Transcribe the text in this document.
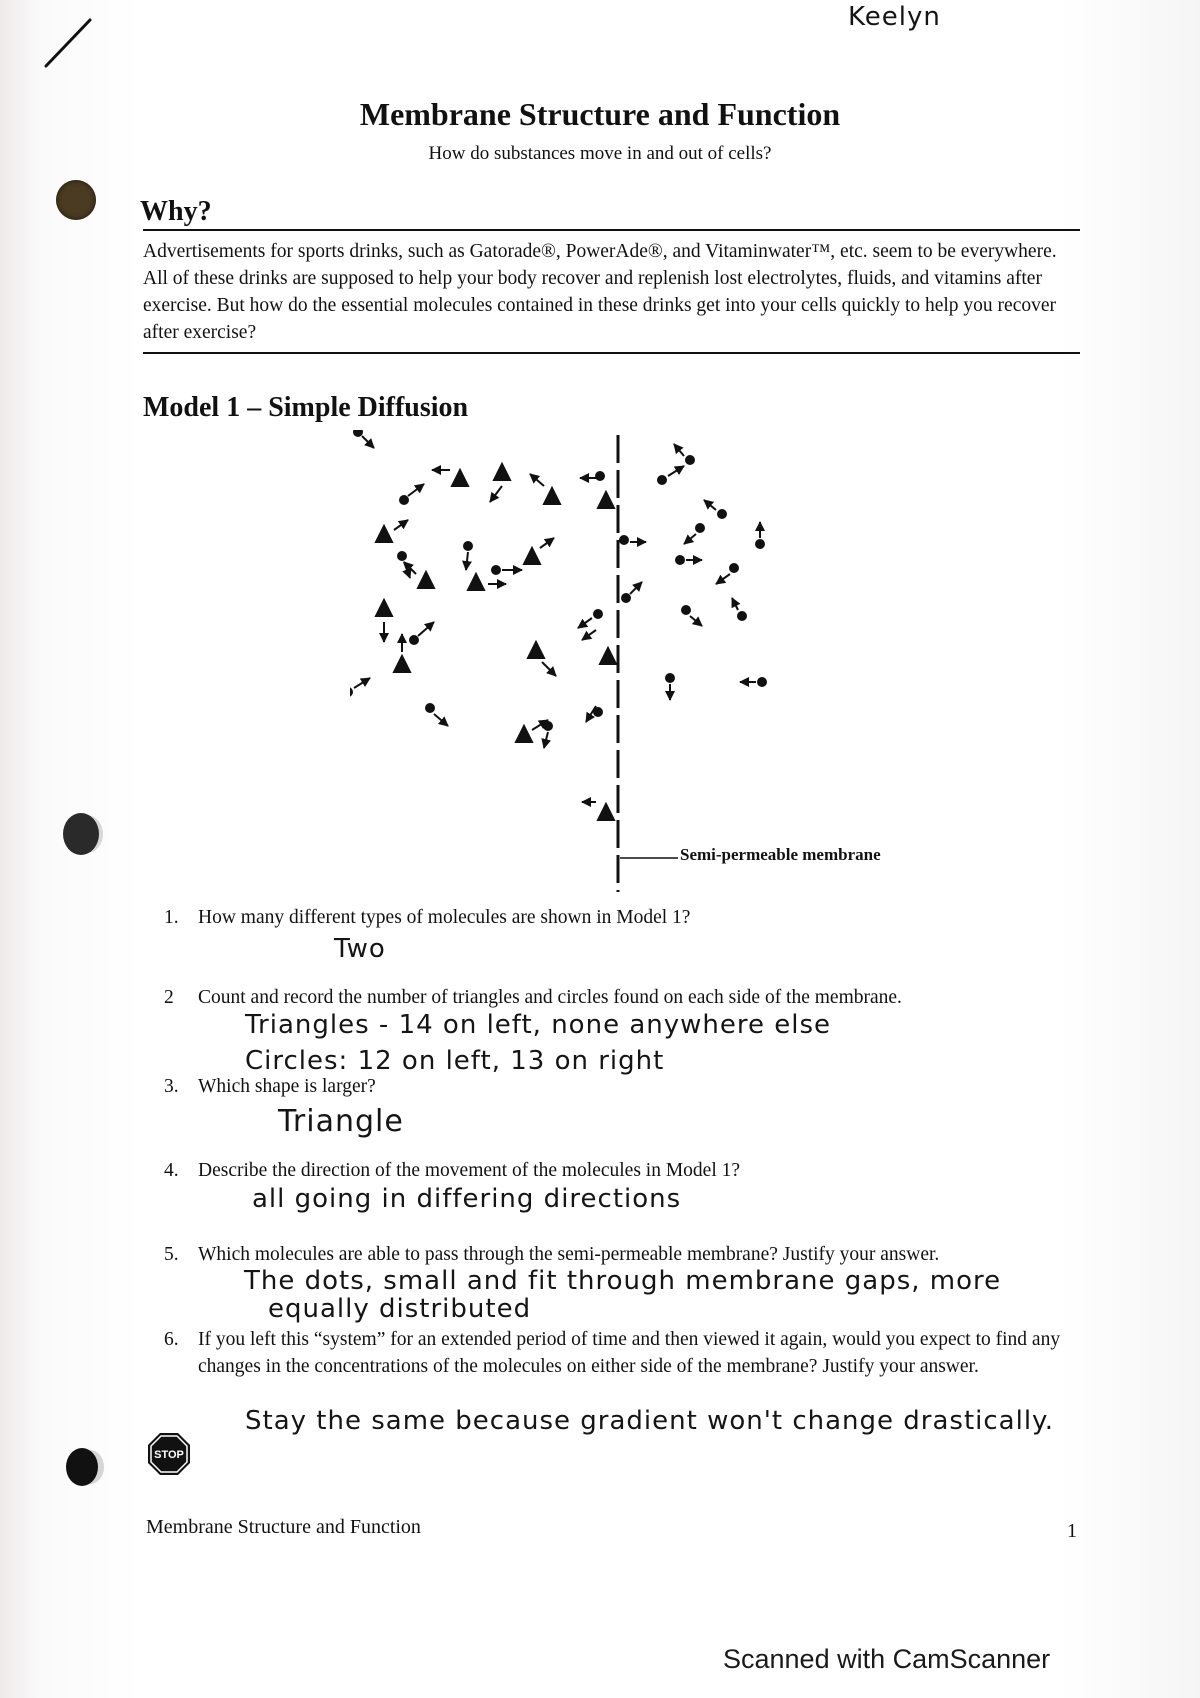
Keelyn
Membrane Structure and Function
How do substances move in and out of cells?
Why?
Advertisements for sports drinks, such as Gatorade®, PowerAde®, and Vitaminwater™, etc. seem to be everywhere. All of these drinks are supposed to help your body recover and replenish lost electrolytes, fluids, and vitamins after exercise. But how do the essential molecules contained in these drinks get into your cells quickly to help you recover after exercise?
Model 1 – Simple Diffusion
Semi-permeable membrane
1. How many different types of molecules are shown in Model 1?
Two
2 Count and record the number of triangles and circles found on each side of the membrane.
Triangles - 14 on left, none anywhere else
Circles: 12 on left, 13 on right
3. Which shape is larger?
Triangle
4. Describe the direction of the movement of the molecules in Model 1?
all going in differing directions
5. Which molecules are able to pass through the semi-permeable membrane? Justify your answer.
The dots, small and fit through membrane gaps, more
equally distributed
6. If you left this “system” for an extended period of time and then viewed it again, would you expect to find any changes in the concentrations of the molecules on either side of the membrane? Justify your answer.
Stay the same because gradient won't change drastically.
STOP
Membrane Structure and Function	1
Scanned with CamScanner
